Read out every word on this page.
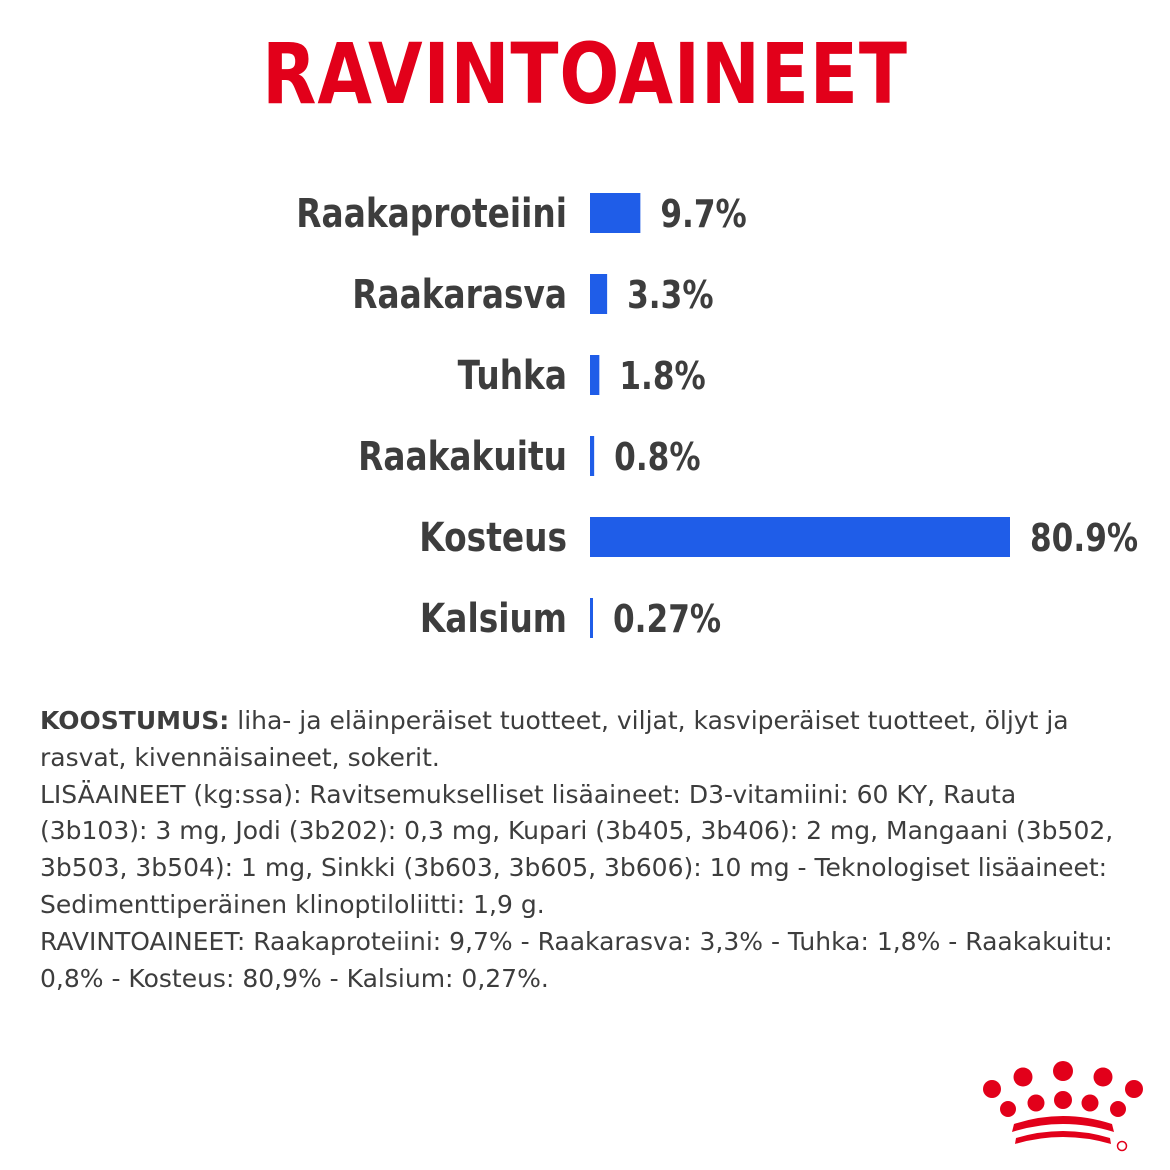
RAVINTOAINEET
Raakaproteiini 9.7%
Raakarasva 3.3%
Tuhka 1.8%
Raakakuitu 0.8%
Kosteus	80.9%
Kalsium 0.27%

KOOSTUMUS: liha- ja eläinperäiset tuotteet, viljat, kasviperäiset tuotteet, öljyt ja rasvat, kivennäisaineet, sokerit.

LISÄAINEET (kg:ssa): Ravitsemukselliset lisäaineet: D3-vitamiini: 60 KY, Rauta (3b103): 3 mg, Jodi (3b202): 0,3 mg, Kupari (3b405, 3b406): 2 mg, Mangaani (3b502, 3b503, 3b504): 1 mg, Sinkki (3b603, 3b605, 3b606): 10 mg - Teknologiset lisäaineet: Sedimenttiperäinen klinoptiloliitti: 1,9 g.

RAVINTOAINEET: Raakaproteiini: 9,7% - Raakarasva: 3,3% - Tuhka: 1,8% - Raakakuitu: 0,8% - Kosteus: 80,9% - Kalsium: 0,27%.
